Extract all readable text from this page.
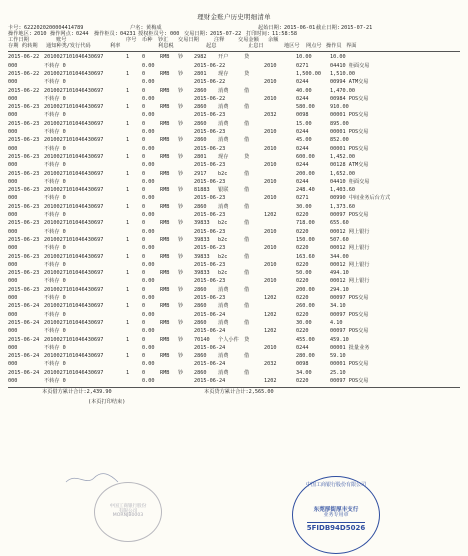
理财金账户历史明细清单
卡号: 6222020200004414789	户名: 黄梅成	起始日期: 2015-06-01 截止日期: 2015-07-21
操作地区: 2010 操作网点: 0244 操作柜员: 04231 授权柜员号: 000 交易日期: 2015-07-22 打印时间: 11:58:58
工作日期	账号	序号 币种 钞汇 交易日期	注释	交易金额 余额
存期 约转期 通知种类/发行代码	利率	利息税	起息	止息日	地区号 网点号 操作员 界面
2015-06-22 2010027101046430697	1 0	RMB 钞 2982 开户	贷	10.00	10.00
000	不转存 0	0.00	2015-06-22	2010	0271	04410 柜面交易
2015-06-22 2010027101046430697	1 0	RMB 钞 2801 现存	贷	1,500.00 1,510.00
000	不转存 0	0.00	2015-06-22	2010	0244	00994 ATM交易
2015-06-22 2010027101046430697	1 0	RMB 钞 2860 消费	借	40.00	1,470.00
000	不转存 0	0.00	2015-06-22	2010	0244	00984 POS交易
2015-06-23 2010027101046430697	1 0	RMB 钞 2860 消费	借	580.00	910.00
000	不转存 0	0.00	2015-06-23	2032	0098	00001 POS交易
2015-06-23 2010027101046430697	1 0	RMB 钞 2860 消费	借	15.00	895.00
000	不转存 0	0.00	2015-06-23	2010	0244	00001 POS交易
2015-06-23 2010027101046430697	1 0	RMB 钞 2860 消费	借	45.00	852.00
000	不转存 0	0.00	2015-06-23	2010	0244	00001 POS交易
2015-06-23 2010027101046430697	1 0	RMB 钞 2801 现存	贷	600.00	1,452.00
000	不转存 0	0.00	2015-06-23	2010	0244	00128 ATM交易
2015-06-23 2010027101046430697	1 0	RMB 钞 2917 b2c	借	200.00	1,652.00
000	不转存 0	0.00	2015-06-23	2010	0244	04410 柜面交易
2015-06-23 2010027101046430697	1 0	RMB 钞 81883 银联	借	248.40	1,403.60
000	不转存 0	0.00	2015-06-23	2010	0271	00990 中间业务后台方式
2015-06-23 2010027101046430697	1 0	RMB 钞 2860 消费	借	30.00	1,373.60
000	不转存 0	0.00	2015-06-23	1202	0220	00097 POS交易
2015-06-23 2010027101046430697	1 0	RMB 钞 39833 b2c	借	718.00	655.60
000	不转存 0	0.00	2015-06-23	2010	0220	00012 网上银行
2015-06-23 2010027101046430697	1 0	RMB 钞 39833 b2c	借	150.00	507.60
000	不转存 0	0.00	2015-06-23	2010	0220	00012 网上银行
2015-06-23 2010027101046430697	1 0	RMB 钞 39833 b2c	借	163.60	344.00
000	不转存 0	0.00	2015-06-23	2010	0220	00012 网上银行
2015-06-23 2010027101046430697	1 0	RMB 钞 39833 b2c	借	50.00	494.10
000	不转存 0	0.00	2015-06-23	2010	0220	00012 网上银行
2015-06-23 2010027101046430697	1 0	RMB 钞 2860 消费	借	200.00	294.10
000	不转存 0	0.00	2015-06-23	1202	0220	00097 POS交易
2015-06-24 2010027101046430697	1 0	RMB 钞 2860 消费	借	260.00	34.10
000	不转存 0	0.00	2015-06-24	1202	0220	00097 POS交易
2015-06-24 2010027101046430697	1 0	RMB 钞 2860 消费	借	30.00	4.10
000	不转存 0	0.00	2015-06-24	1202	0220	00097 POS交易
2015-06-24 2010027101046430697	1 0	RMB 钞 70140 个人小件 贷	455.00	459.10
000	不转存 0	0.00	2015-06-24	2010	0244	00001 批量业务
2015-06-24 2010027101046430697	1 0	RMB 钞 2860 消费	借	280.00	59.10
000	不转存 0	0.00	2015-06-24	2032	0098	00001 POS交易
2015-06-24 2010027101046430697	1 0	RMB 钞 2860 消费	借	34.00	25.10
000	不转存 0	0.00	2015-06-24	1202	0220	00097 POS交易
本页借方累计合计:2,439.90	本页贷方累计合计:2,565.00
(本页打印结束)
中国工商银行股份
有限公司
MORNJB0003
中国工商银行股份有限公司
东莞厚街厚丰支行
业务专用章
5FIDB94D5026
